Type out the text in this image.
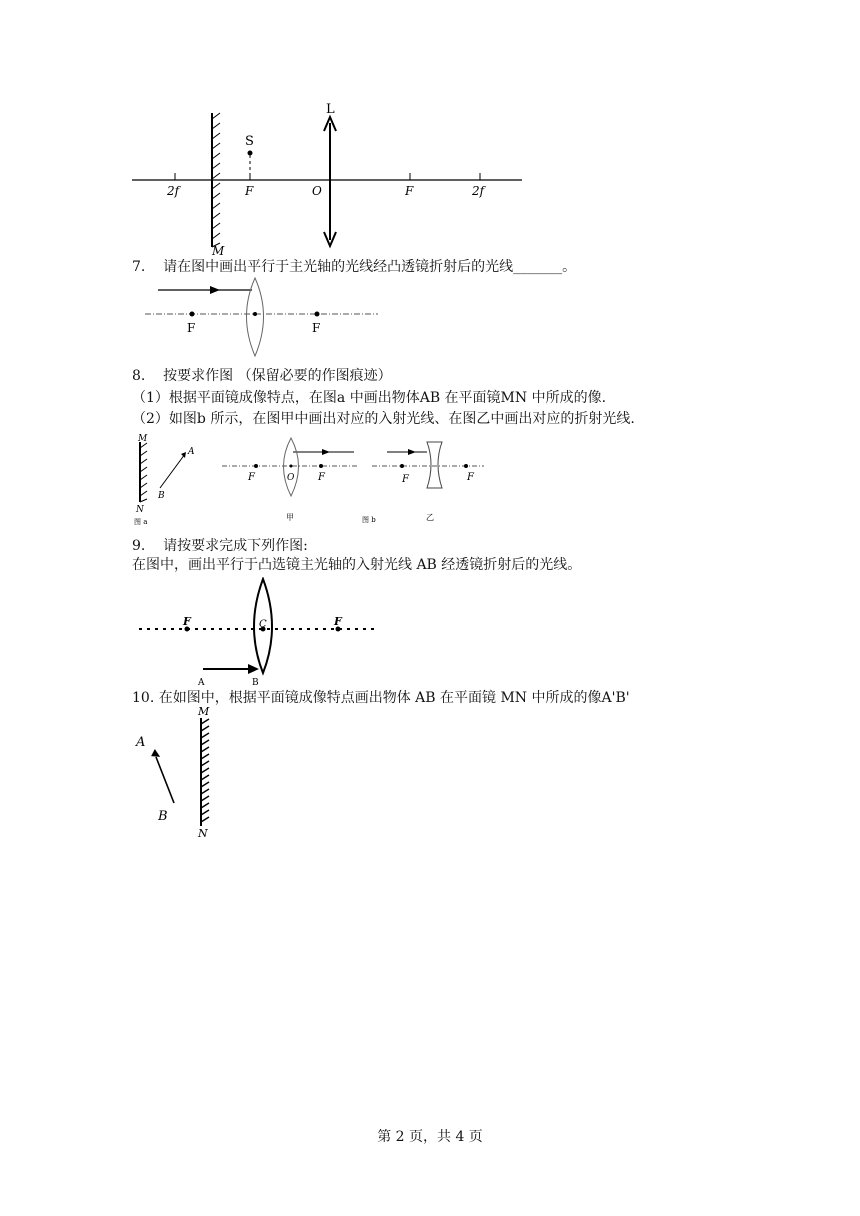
M
2f	F	O	F	2f
S
L
7. 请在图中画出平行于主光轴的光线经凸透镜折射后的光线_______。
F	F
8. 按要求作图 （保留必要的作图痕迹）
（1）根据平面镜成像特点，在图a 中画出物体AB 在平面镜MN 中所成的像.
（2）如图b 所示，在图甲中画出对应的入射光线、在图乙中画出对应的折射光线.
M
N
A
B
图 a
F	O F
甲
F	F
图 b	乙
9. 请按要求完成下列作图:
在图中，画出平行于凸选镜主光轴的入射光线 AB 经透镜折射后的光线。
F	C	F
A	B
10. 在如图中，根据平面镜成像特点画出物体 AB 在平面镜 MN 中所成的像A'B'
M
N
A
B
第 2 页，共 4 页
